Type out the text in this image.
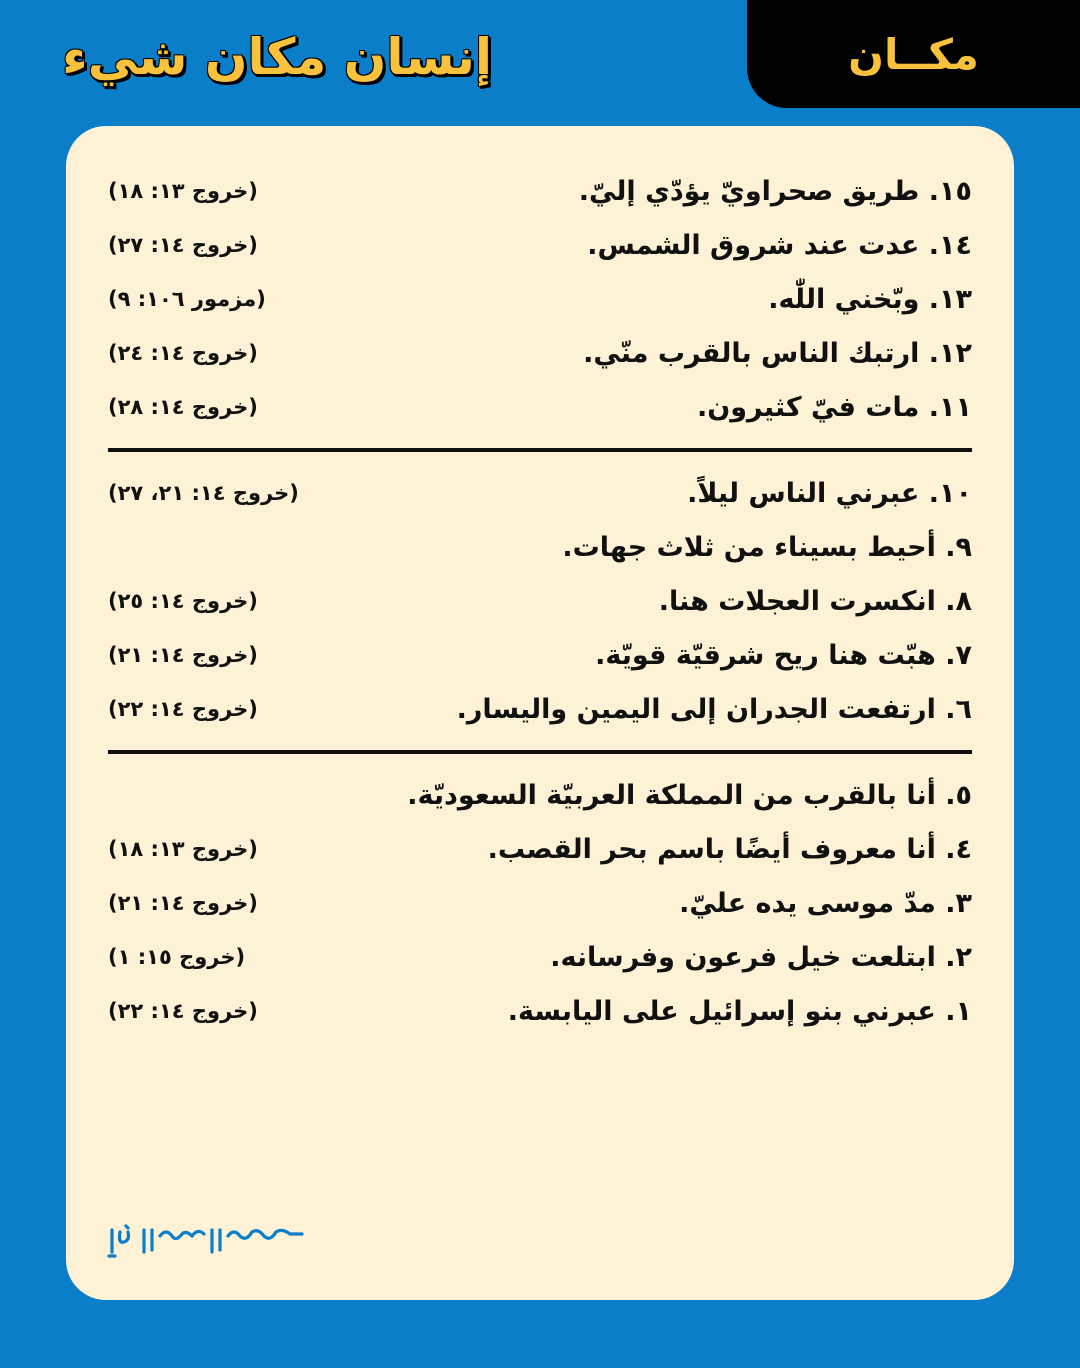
مكــان
إنسان مكان شيء
١٥. طريق صحراويّ يؤدّي إليّ.
(خروج ١٣: ١٨)
١٤. عدت عند شروق الشمس.
(خروج ١٤: ٢٧)
١٣. وبّخني اللّٰه.
(مزمور ١٠٦: ٩)
١٢. ارتبك الناس بالقرب منّي.
(خروج ١٤: ٢٤)
١١. مات فيّ كثيرون.
(خروج ١٤: ٢٨)
١٠. عبرني الناس ليلاً.
(خروج ١٤: ٢١، ٢٧)
٩. أحيط بسيناء من ثلاث جهات.
٨. انكسرت العجلات هنا.
(خروج ١٤: ٢٥)
٧. هبّت هنا ريح شرقيّة قويّة.
(خروج ١٤: ٢١)
٦. ارتفعت الجدران إلى اليمين واليسار.
(خروج ١٤: ٢٢)
٥. أنا بالقرب من المملكة العربيّة السعوديّة.
٤. أنا معروف أيضًا باسم بحر القصب.
(خروج ١٣: ١٨)
٣. مدّ موسى يده عليّ.
(خروج ١٤: ٢١)
٢. ابتلعت خيل فرعون وفرسانه.
(خروج ١٥: ١)
١. عبرني بنو إسرائيل على اليابسة.
(خروج ١٤: ٢٢)
